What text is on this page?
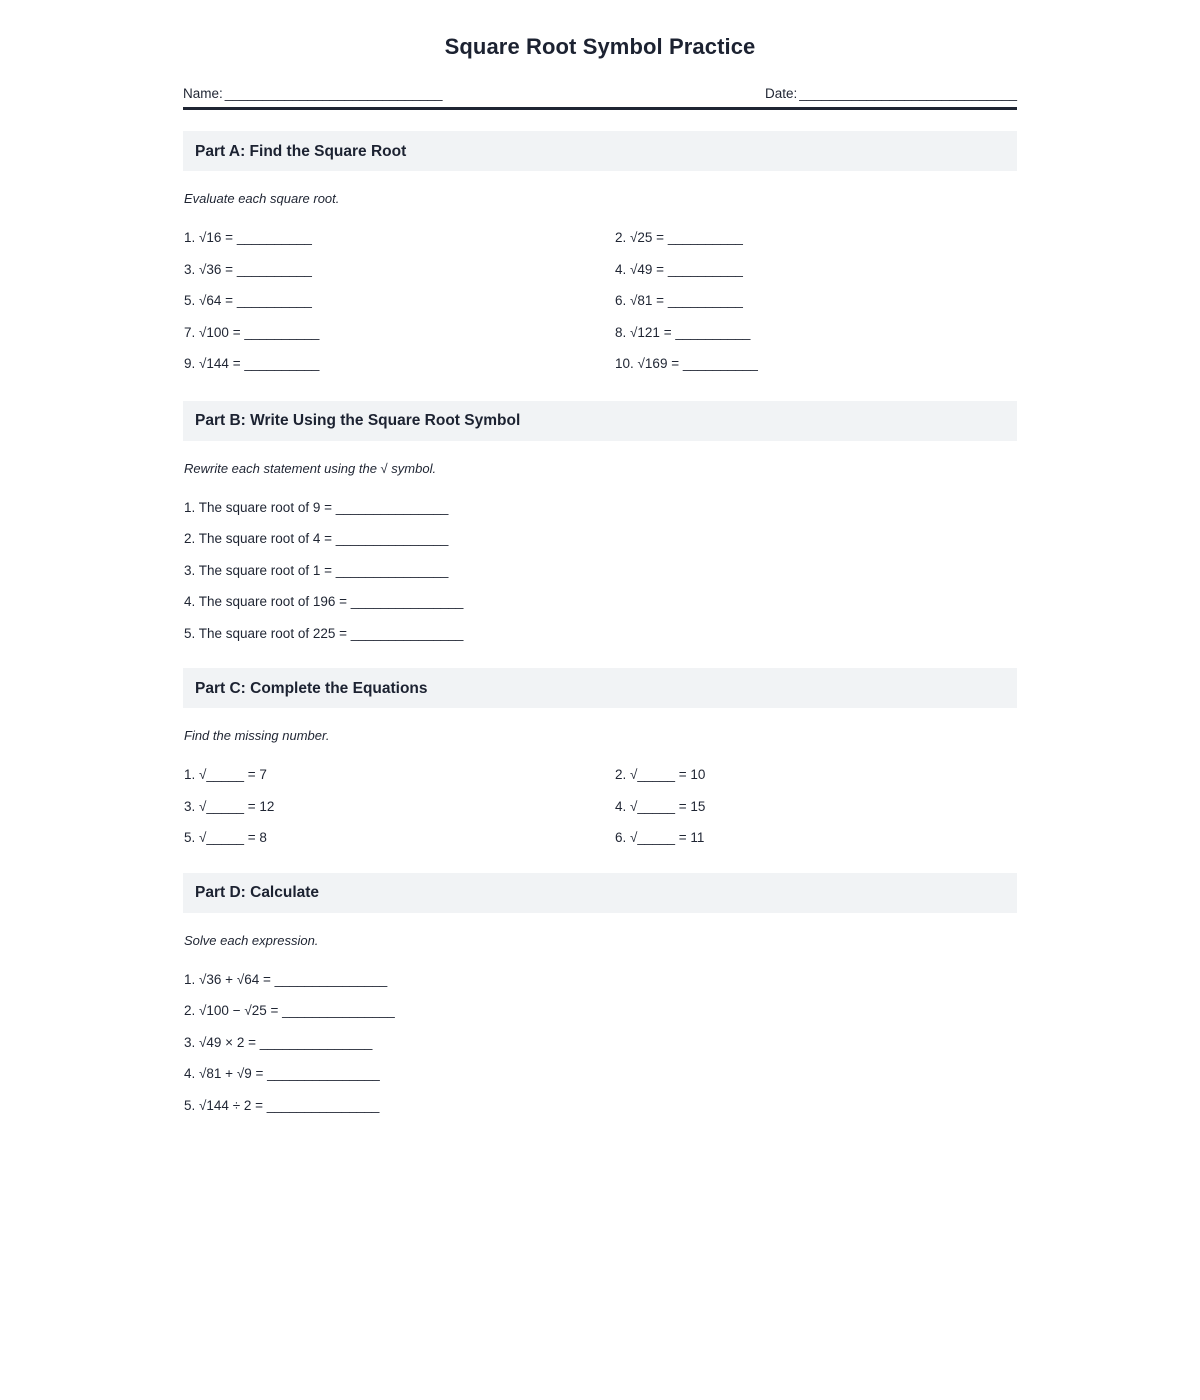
Square Root Symbol Practice
Name: _____________________________	Date: _____________________________
Part A: Find the Square Root
Evaluate each square root.
1. √16 = __________	2. √25 = __________
3. √36 = __________	4. √49 = __________
5. √64 = __________	6. √81 = __________
7. √100 = __________	8. √121 = __________
9. √144 = __________	10. √169 = __________
Part B: Write Using the Square Root Symbol
Rewrite each statement using the √ symbol.
1. The square root of 9 = _______________
2. The square root of 4 = _______________
3. The square root of 1 = _______________
4. The square root of 196 = _______________
5. The square root of 225 = _______________
Part C: Complete the Equations
Find the missing number.
1. √_____ = 7	2. √_____ = 10
3. √_____ = 12	4. √_____ = 15
5. √_____ = 8	6. √_____ = 11
Part D: Calculate
Solve each expression.
1. √36 + √64 = _______________
2. √100 − √25 = _______________
3. √49 × 2 = _______________
4. √81 + √9 = _______________
5. √144 ÷ 2 = _______________
